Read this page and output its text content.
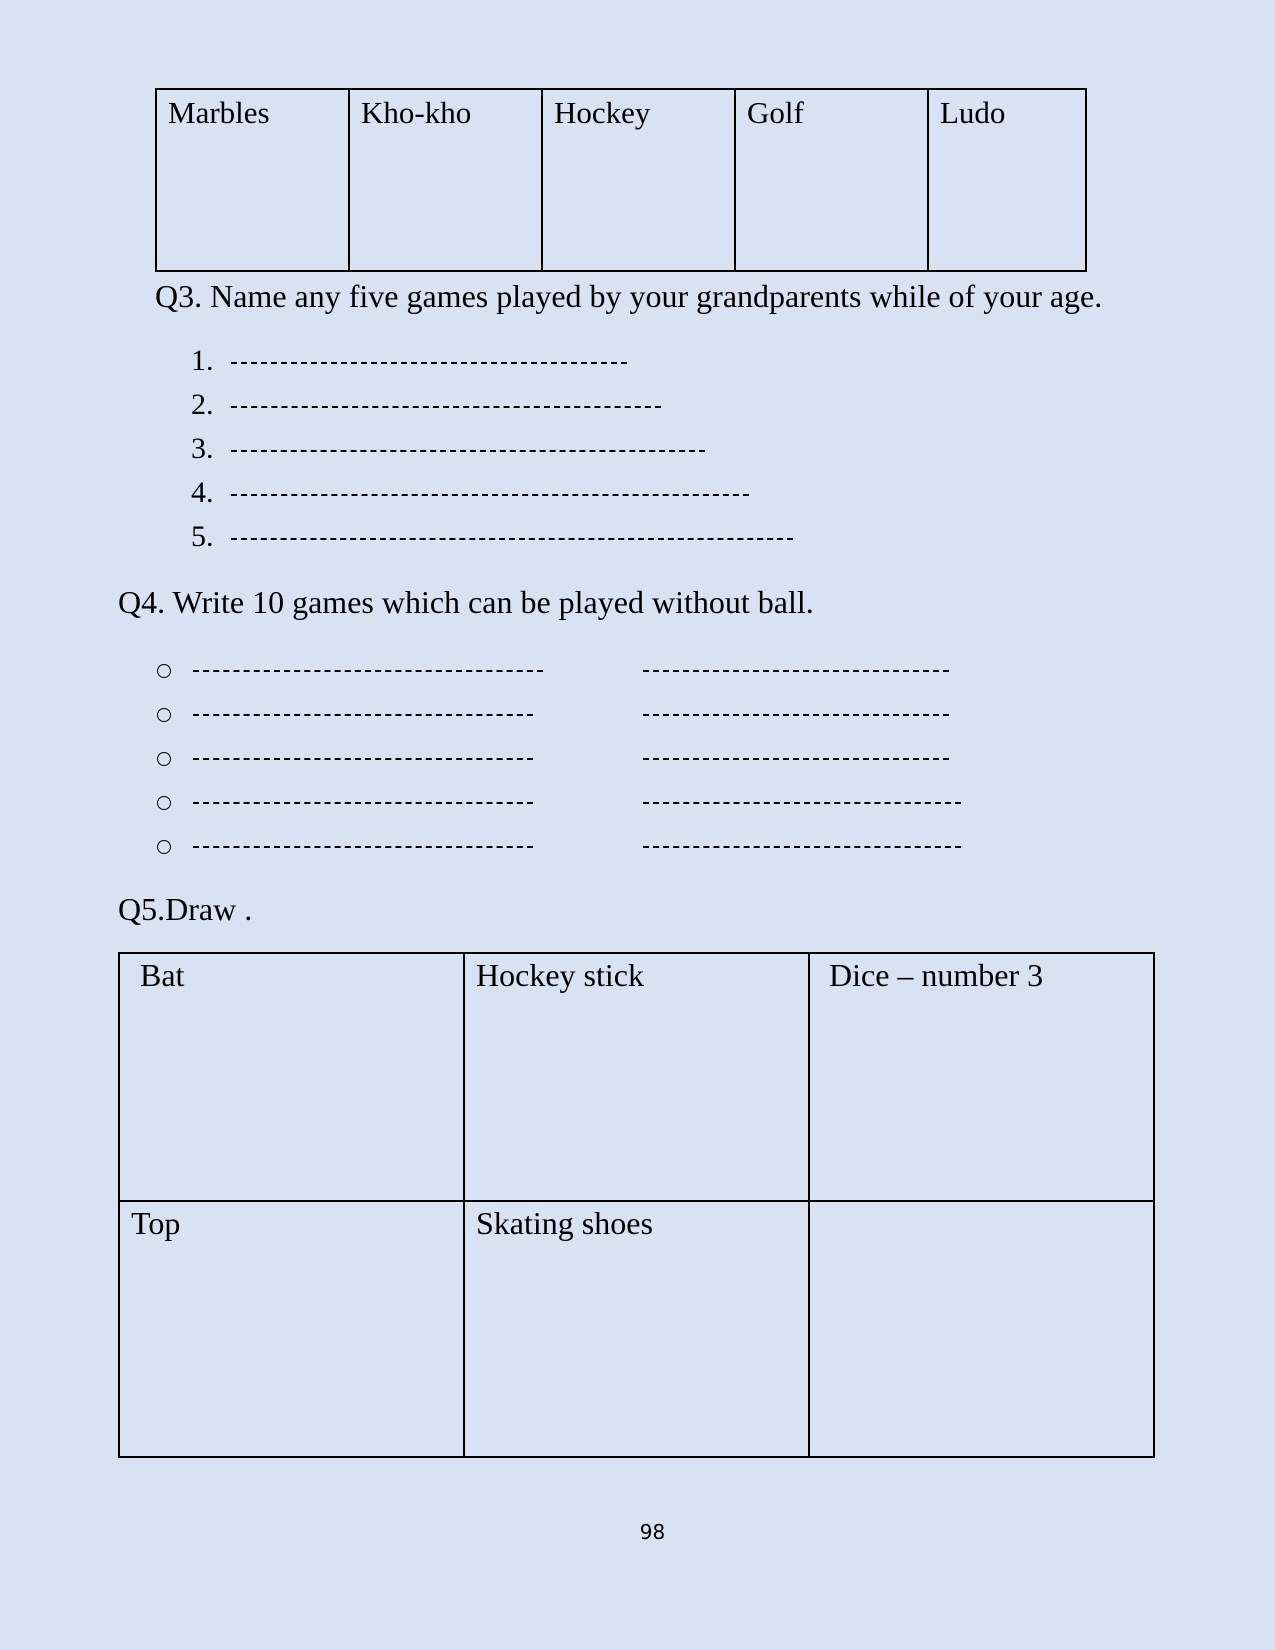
Marbles	Kho-kho	Hockey	Golf	Ludo
Q3. Name any five games played by your grandparents while of your age.
1.
2.
3.
4.
5.
Q4. Write 10 games which can be played without ball.
Q5.Draw .
Bat	Hockey stick	Dice – number 3
Top	Skating shoes	
98
